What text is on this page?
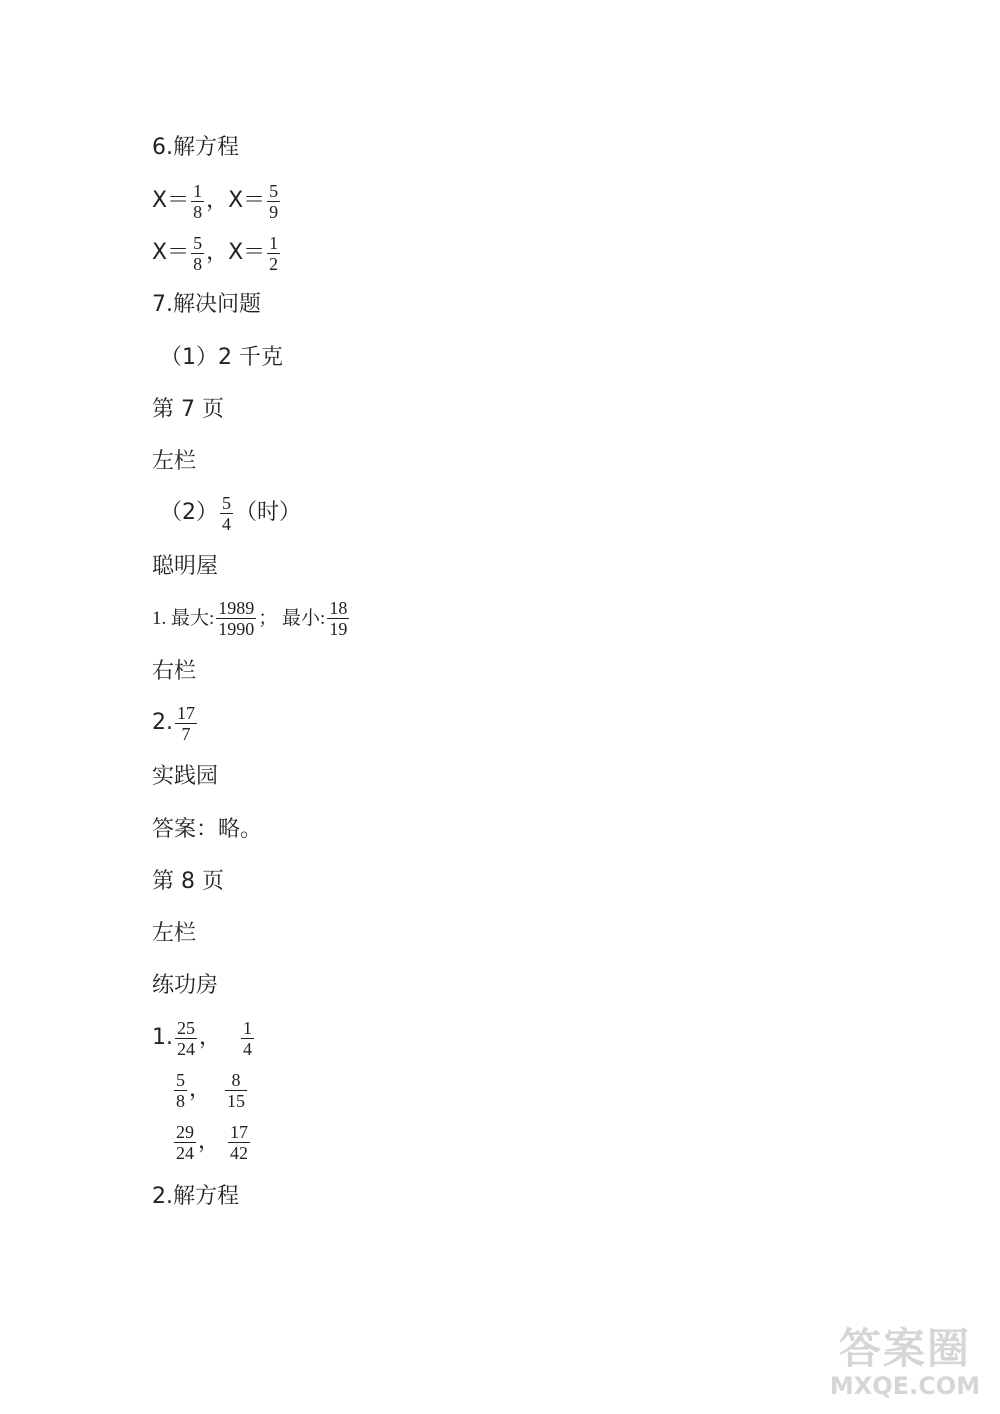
6.解方程
$X= \frac{1}{8}$ ，$X= \frac{5}{9}$
$X= \frac{5}{8}$ ，$X= \frac{1}{2}$
7.解决问题
（1）2 千克
第 7 页
左栏
$(2) \frac{5}{4}$ （时）
聪明屋
1. 最大: $\frac{1989}{1990}$ ； 最小: $\frac{18}{19}$
右栏
2. $\frac{17}{7}$
实践园
答案：略。
第 8 页
左栏
练功房
1. $\frac{25}{24}$ ， $\frac{1}{4}$
$\frac{5}{8}$ ， $\frac{8}{15}$
$\frac{29}{24}$ ， $\frac{17}{42}$
2.解方程
答案圈
MXQE.COM
